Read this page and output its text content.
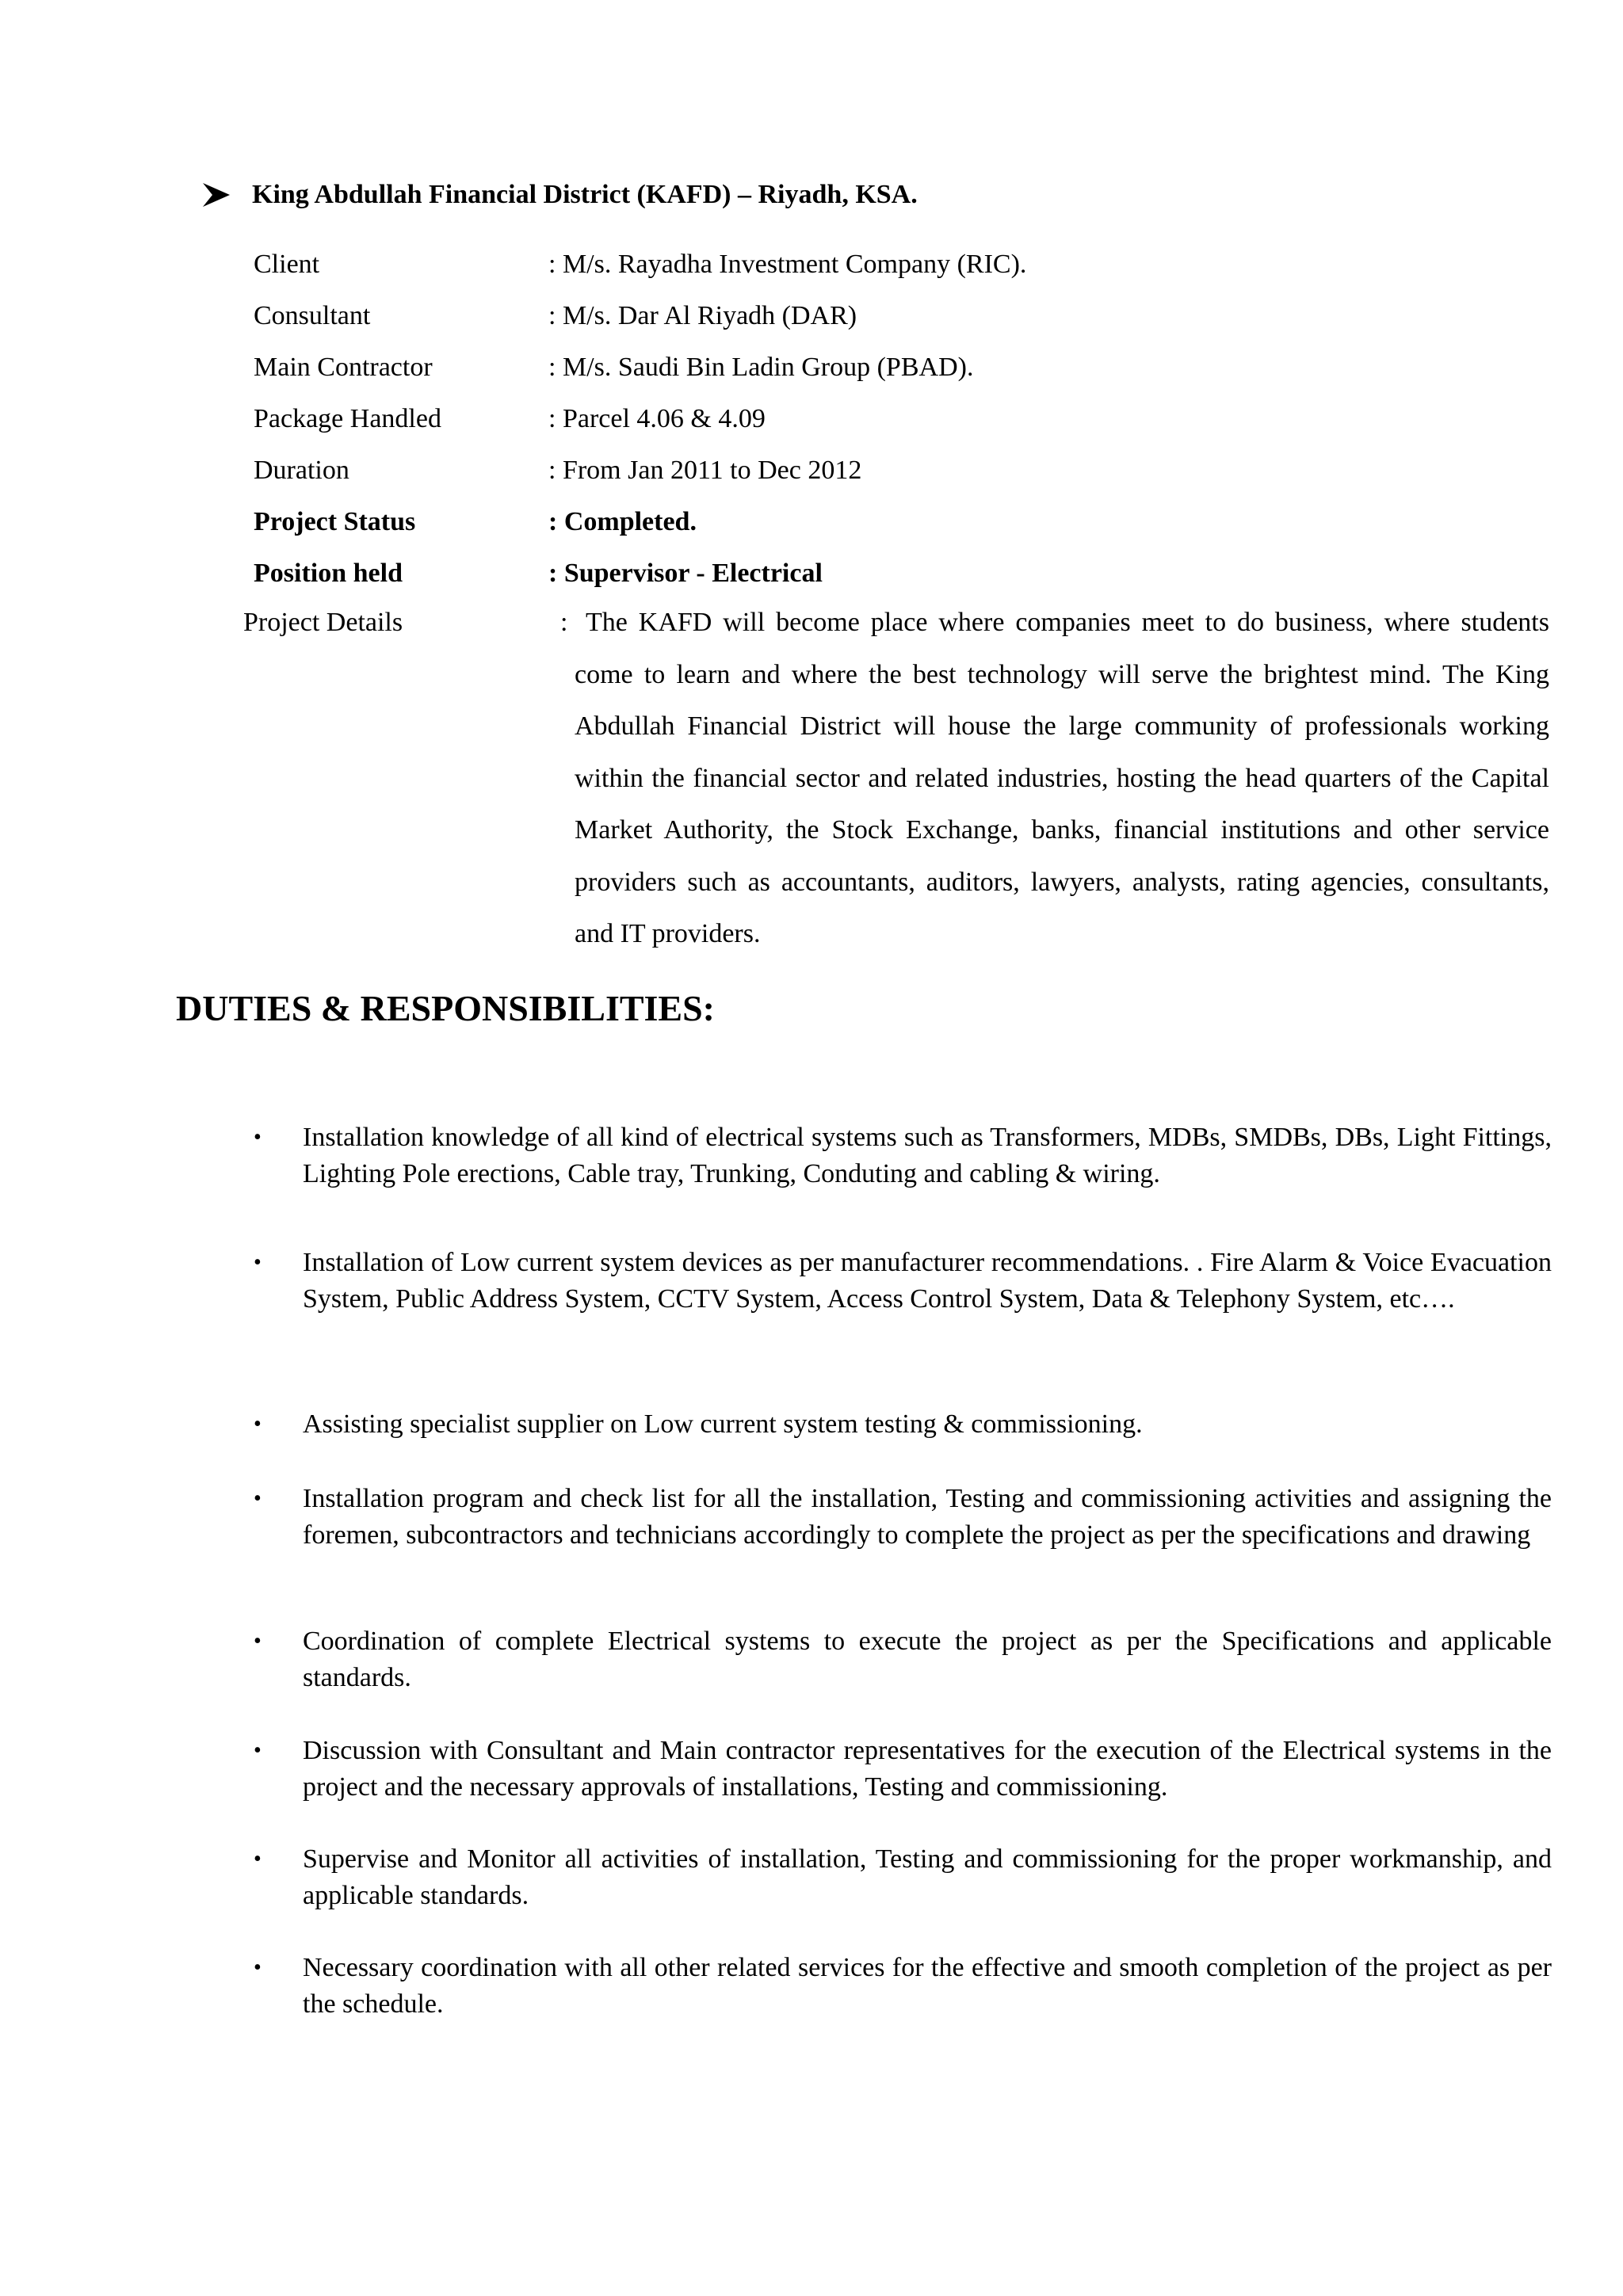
King Abdullah Financial District (KAFD) – Riyadh, KSA.
Client	: M/s. Rayadha Investment Company (RIC).
Consultant	: M/s. Dar Al Riyadh (DAR)
Main Contractor	: M/s. Saudi Bin Ladin Group (PBAD).
Package Handled	: Parcel 4.06 & 4.09
Duration	: From Jan 2011 to Dec 2012
Project Status	: Completed.
Position held	: Supervisor - Electrical
Project Details	: The KAFD will become place where companies meet to do business, where students come to learn and where the best technology will serve the brightest mind. The King Abdullah Financial District will house the large community of professionals working within the financial sector and related industries, hosting the head quarters of the Capital Market Authority, the Stock Exchange, banks, financial institutions and other service providers such as accountants, auditors, lawyers, analysts, rating agencies, consultants, and IT providers.
DUTIES & RESPONSIBILITIES:
•	Installation knowledge of all kind of electrical systems such as Transformers, MDBs, SMDBs, DBs, Light Fittings, Lighting Pole erections, Cable tray, Trunking, Conduting and cabling & wiring.
•	Installation of Low current system devices as per manufacturer recommendations. . Fire Alarm & Voice Evacuation System, Public Address System, CCTV System, Access Control System, Data & Telephony System, etc….
•	Assisting specialist supplier on Low current system testing & commissioning.
•	Installation program and check list for all the installation, Testing and commissioning activities and assigning the foremen, subcontractors and technicians accordingly to complete the project as per the specifications and drawing
•	Coordination of complete Electrical systems to execute the project as per the Specifications and applicable standards.
•	Discussion with Consultant and Main contractor representatives for the execution of the Electrical systems in the project and the necessary approvals of installations, Testing and commissioning.
•	Supervise and Monitor all activities of installation, Testing and commissioning for the proper workmanship, and applicable standards.
•	Necessary coordination with all other related services for the effective and smooth completion of the project as per the schedule.
